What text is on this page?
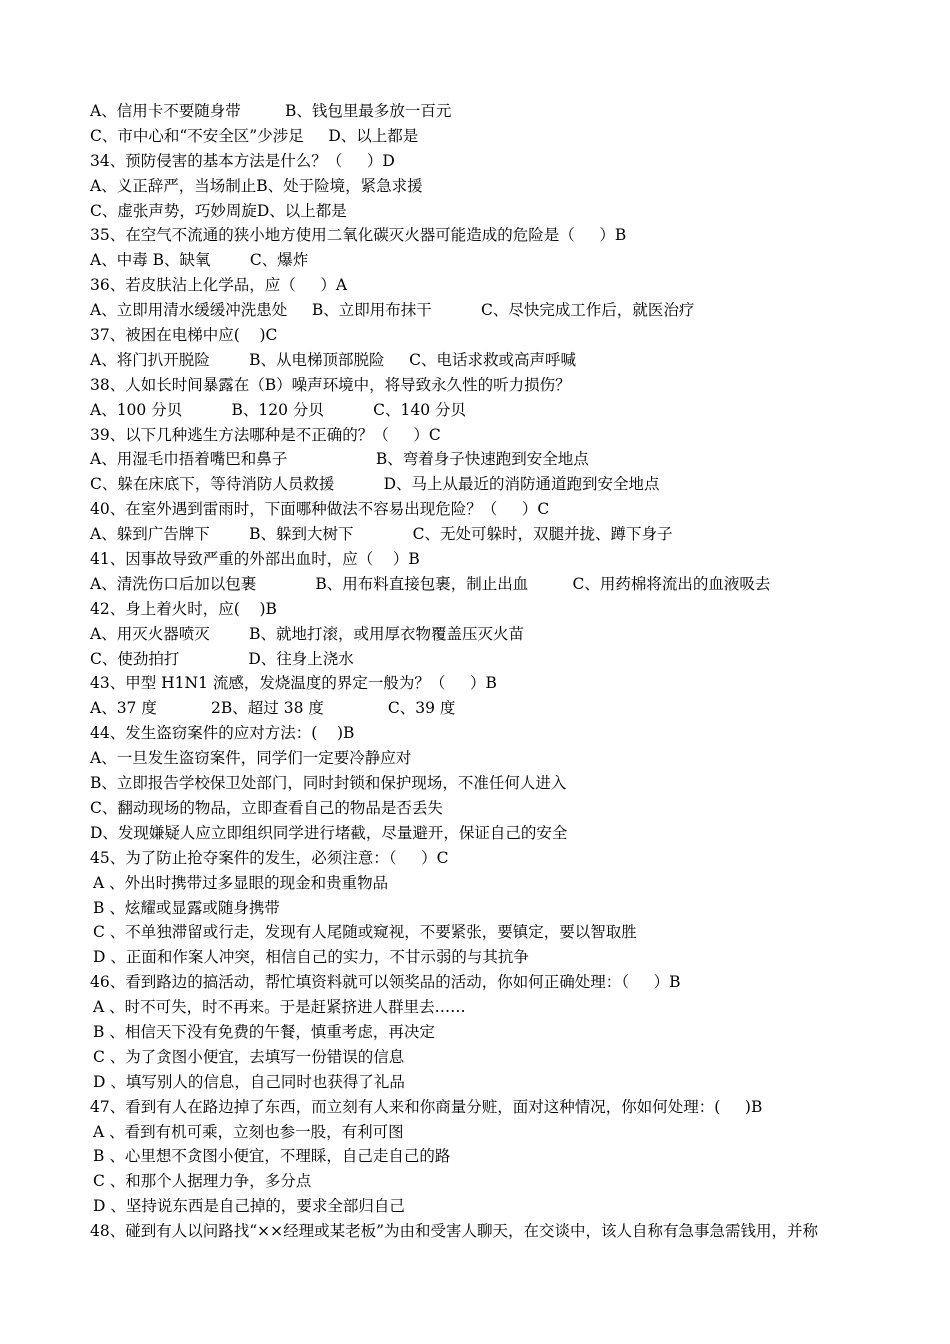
A、信用卡不要随身带         B、钱包里最多放一百元
C、市中心和“不安全区”少涉足     D、以上都是
34、预防侵害的基本方法是什么？（     ）D
A、义正辞严，当场制止B、处于险境，紧急求援
C、虚张声势，巧妙周旋D、以上都是
35、在空气不流通的狭小地方使用二氧化碳灭火器可能造成的危险是（     ）B
A、中毒 B、缺氧        C、爆炸
36、若皮肤沾上化学品，应（     ）A
A、立即用清水缓缓冲洗患处     B、立即用布抹干          C、尽快完成工作后，就医治疗
37、被困在电梯中应(    )C
A、将门扒开脱险        B、从电梯顶部脱险     C、电话求救或高声呼喊
38、人如长时间暴露在（B）噪声环境中，将导致永久性的听力损伤？
A、100 分贝          B、120 分贝          C、140 分贝
39、以下几种逃生方法哪种是不正确的？（     ）C
A、用湿毛巾捂着嘴巴和鼻子                  B、弯着身子快速跑到安全地点
C、躲在床底下，等待消防人员救援          D、马上从最近的消防通道跑到安全地点
40、在室外遇到雷雨时，下面哪种做法不容易出现危险？（     ）C
A、躲到广告牌下        B、躲到大树下            C、无处可躲时，双腿并拢、蹲下身子
41、因事故导致严重的外部出血时，应（    ）B
A、清洗伤口后加以包裹            B、用布料直接包裹，制止出血         C、用药棉将流出的血液吸去
42、身上着火时，应(    )B
A、用灭火器喷灭        B、就地打滚，或用厚衣物覆盖压灭火苗
C、使劲拍打              D、往身上浇水
43、甲型 H1N1 流感，发烧温度的界定一般为？（     ）B
A、37 度           2B、超过 38 度             C、39 度
44、发生盗窃案件的应对方法：(    )B
A、一旦发生盗窃案件，同学们一定要冷静应对
B、立即报告学校保卫处部门，同时封锁和保护现场，不准任何人进入
C、翻动现场的物品，立即查看自己的物品是否丢失
D、发现嫌疑人应立即组织同学进行堵截，尽量避开，保证自己的安全
45、为了防止抢夺案件的发生，必须注意：（     ）C
A 、外出时携带过多显眼的现金和贵重物品
B 、炫耀或显露或随身携带
C 、不单独滞留或行走，发现有人尾随或窥视，不要紧张，要镇定，要以智取胜
D 、正面和作案人冲突，相信自己的实力，不甘示弱的与其抗争
46、看到路边的搞活动，帮忙填资料就可以领奖品的活动，你如何正确处理：（     ）B
A 、时不可失，时不再来。于是赶紧挤进人群里去……
B 、相信天下没有免费的午餐，慎重考虑，再决定
C 、为了贪图小便宜，去填写一份错误的信息
D 、填写别人的信息，自己同时也获得了礼品
47、看到有人在路边掉了东西，而立刻有人来和你商量分赃，面对这种情况，你如何处理：(     )B
A 、看到有机可乘，立刻也参一股，有利可图
B 、心里想不贪图小便宜，不理睬，自己走自己的路
C 、和那个人据理力争，多分点
D 、坚持说东西是自己掉的，要求全部归自己
48、碰到有人以问路找“××经理或某老板”为由和受害人聊天，在交谈中，该人自称有急事急需钱用，并称
